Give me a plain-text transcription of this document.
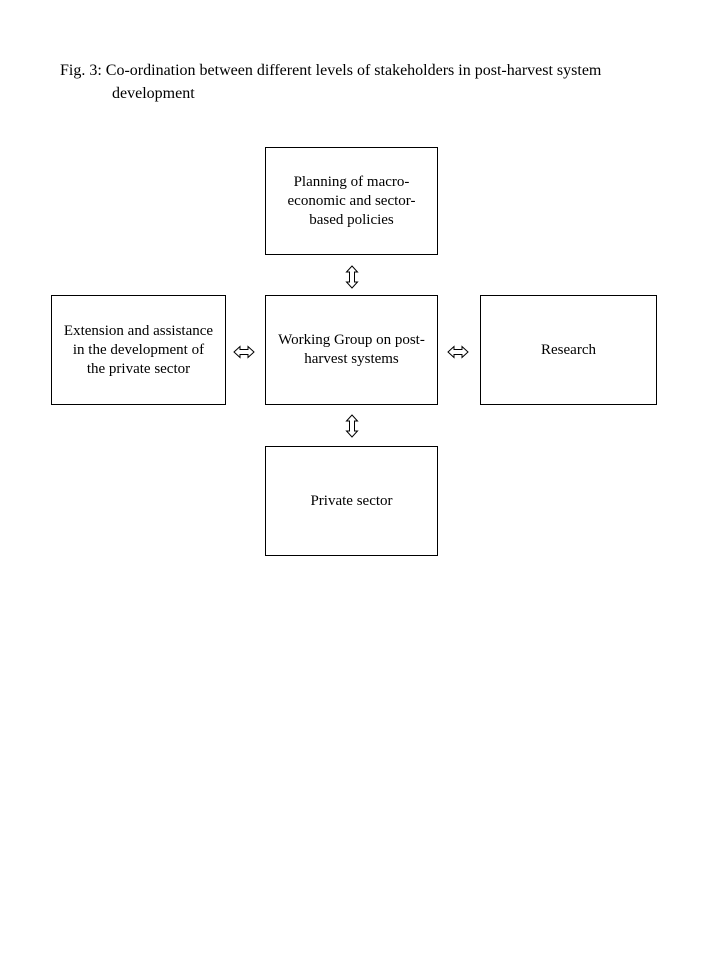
Fig. 3: Co-ordination between different levels of stakeholders in post-harvest system
development
Planning of macro-
economic and sector-
based policies
Extension and assistance
in the development of
the private sector
Working Group on post-
harvest systems
Research
Private sector
